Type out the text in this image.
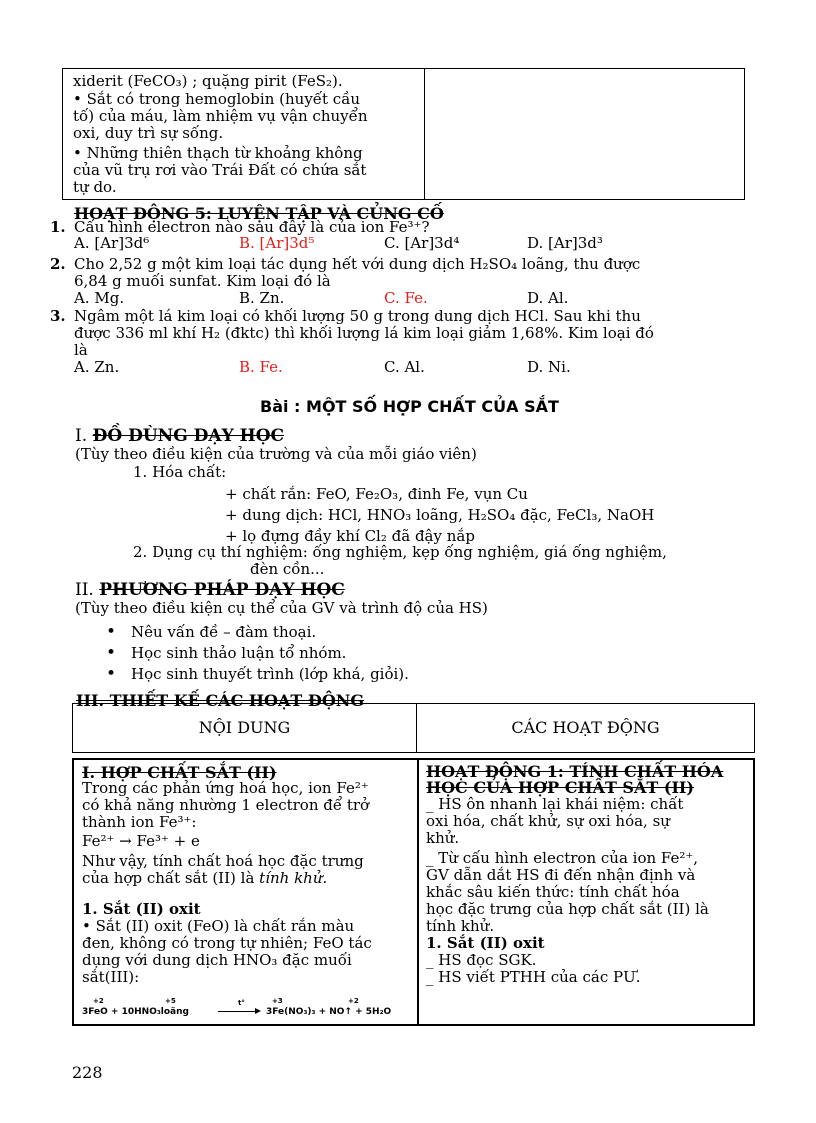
xiderit (FeCO₃) ; quặng pirit (FeS₂).
• Sắt có trong hemoglobin (huyết cầu
tố) của máu, làm nhiệm vụ vận chuyển
oxi, duy trì sự sống.
• Những thiên thạch từ khoảng không
của vũ trụ rơi vào Trái Đất có chứa sắt
tự do.
HOẠT ĐỘNG 5: LUYỆN TẬP VÀ CỦNG CỐ
1. Cấu hình electron nào sau đây là của ion Fe³⁺?
A. [Ar]3d⁶	B. [Ar]3d⁵	C. [Ar]3d⁴	D. [Ar]3d³
2. Cho 2,52 g một kim loại tác dụng hết với dung dịch H₂SO₄ loãng, thu được
6,84 g muối sunfat. Kim loại đó là
A. Mg.	B. Zn.	C. Fe.	D. Al.
3. Ngâm một lá kim loại có khối lượng 50 g trong dung dịch HCl. Sau khi thu
được 336 ml khí H₂ (đktc) thì khối lượng lá kim loại giảm 1,68%. Kim loại đó
là
A. Zn.	B. Fe.	C. Al.	D. Ni.
Bài : MỘT SỐ HỢP CHẤT CỦA SẮT
I. ĐỒ DÙNG DẠY HỌC
(Tùy theo điều kiện của trường và của mỗi giáo viên)
1. Hóa chất:
+ chất rắn: FeO, Fe₂O₃, đinh Fe, vụn Cu
+ dung dịch: HCl, HNO₃ loãng, H₂SO₄ đặc, FeCl₃, NaOH
+ lọ đựng đầy khí Cl₂ đã đậy nắp
2. Dụng cụ thí nghiệm: ống nghiệm, kẹp ống nghiệm, giá ống nghiệm,
đèn cồn...
II. PHƯƠNG PHÁP DẠY HỌC
(Tùy theo điều kiện cụ thể của GV và trình độ của HS)
• Nêu vấn đề – đàm thoại.
• Học sinh thảo luận tổ nhóm.
• Học sinh thuyết trình (lớp khá, giỏi).
III. THIẾT KẾ CÁC HOẠT ĐỘNG
NỘI DUNG	CÁC HOẠT ĐỘNG
I. HỢP CHẤT SẮT (II)
Trong các phản ứng hoá học, ion Fe²⁺
có khả năng nhường 1 electron để trở
thành ion Fe³⁺:
Fe²⁺ → Fe³⁺ + e
Như vậy, tính chất hoá học đặc trưng
của hợp chất sắt (II) là tính khử.
1. Sắt (II) oxit
• Sắt (II) oxit (FeO) là chất rắn màu
đen, không có trong tự nhiên; FeO tác
dụng với dung dịch HNO₃ đặc muối
sắt(III):
+2	+5	+3	+2
3FeO + 10HNO₃loãng
t°
3Fe(NO₃)₃ + NO↑ + 5H₂O
HOẠT ĐỘNG 1: TÍNH CHẤT HÓA
HỌC CỦA HỢP CHẤT SẮT (II)
_ HS ôn nhanh lại khái niệm: chất
oxi hóa, chất khử, sự oxi hóa, sự
khử.
_ Từ cấu hình electron của ion Fe²⁺,
GV dẫn dắt HS đi đến nhận định và
khắc sâu kiến thức: tính chất hóa
học đặc trưng của hợp chất sắt (II) là
tính khử.
1. Sắt (II) oxit
_ HS đọc SGK.
_ HS viết PTHH của các PƯ.
228
